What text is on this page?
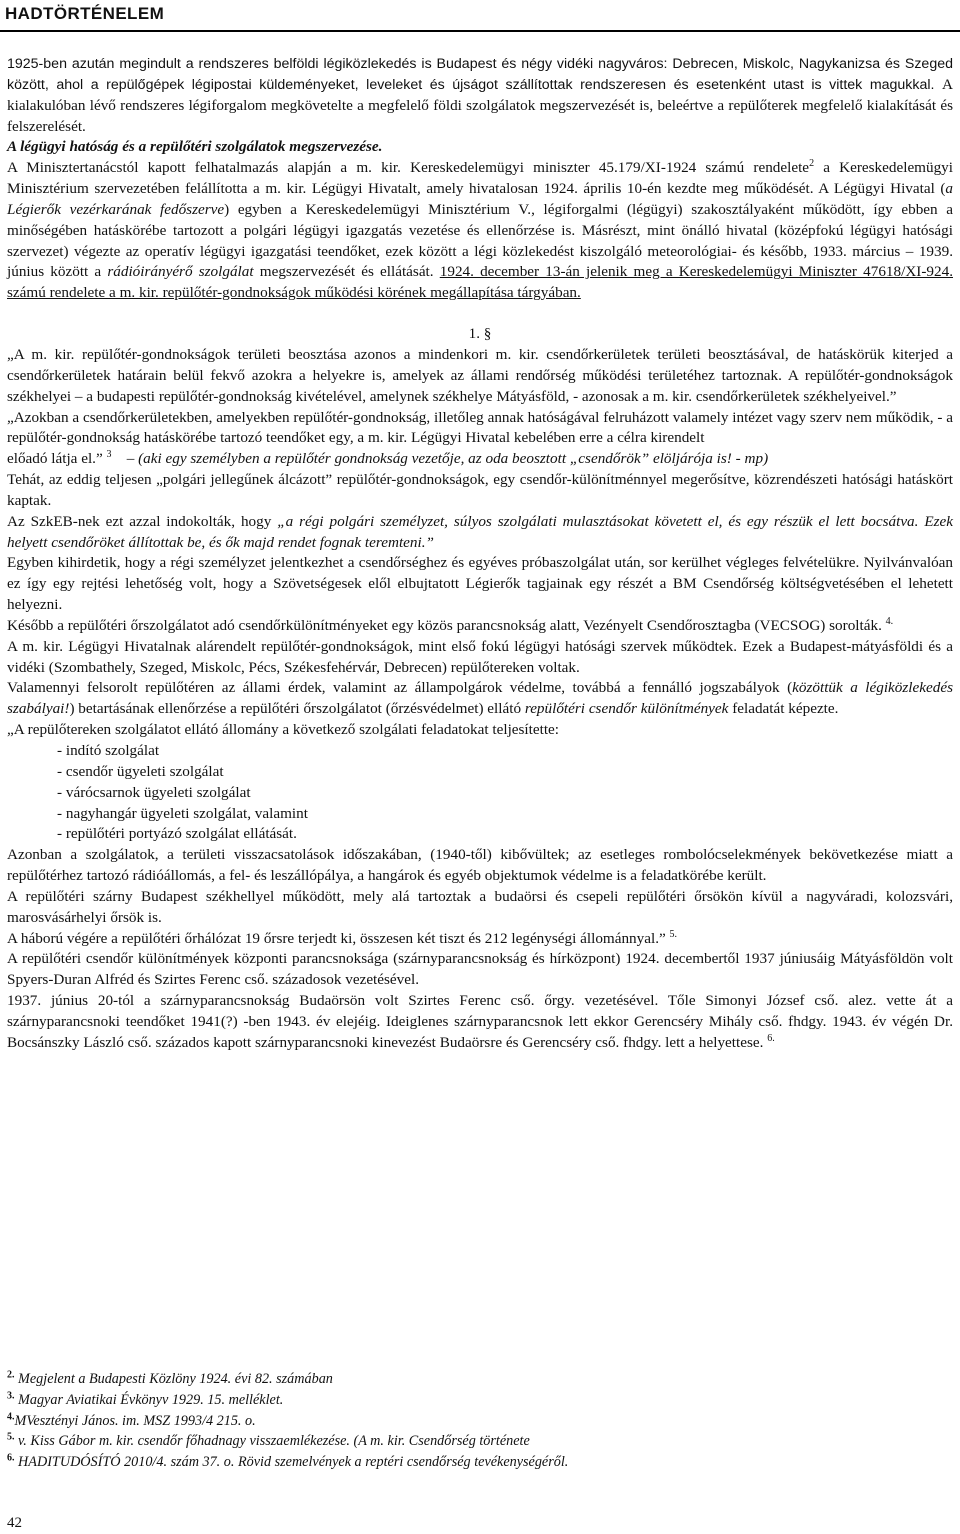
HADTÖRTÉNELEM

1925-ben azután megindult a rendszeres belföldi légiközlekedés is Budapest és négy vidéki nagyváros: Debrecen, Miskolc, Nagykanizsa és Szeged között, ahol a repülőgépek légipostai küldeményeket, leveleket és újságot szállítottak rendszeresen és esetenként utast is vittek magukkal. A kialakulóban lévő rendszeres légiforgalom megkövetelte a megfelelő földi szolgálatok megszervezését is, beleértve a repülőterek megfelelő kialakítását és felszerelését.

A légügyi hatóság és a repülőtéri szolgálatok megszervezése.

A Minisztertanácstól kapott felhatalmazás alapján a m. kir. Kereskedelemügyi miniszter 45.179/XI-1924 számú rendelete$^2$ a Kereskedelemügyi Minisztérium szervezetében felállította a m. kir. Légügyi Hivatalt, amely hivatalosan 1924. április 10-én kezdte meg működését. A Légügyi Hivatal (a Légierők vezérkarának fedőszerve) egyben a Kereskedelemügyi Minisztérium V., légiforgalmi (légügyi) szakosztályaként működött, így ebben a minőségében hatáskörébe tartozott a polgári légügyi igazgatás vezetése és ellenőrzése is. Másrészt, mint önálló hivatal (középfokú légügyi hatósági szervezet) végezte az operatív légügyi igazgatási teendőket, ezek között a légi közlekedést kiszolgáló meteorológiai- és később, 1933. március – 1939. június között a rádióirányérő szolgálat megszervezését és ellátását. 1924. december 13-án jelenik meg a Kereskedelemügyi Miniszter 47618/XI-924. számú rendelete a m. kir. repülőtér-gondnokságok működési körének megállapítása tárgyában.

1. §

„A m. kir. repülőtér-gondnokságok területi beosztása azonos a mindenkori m. kir. csendőrkerületek területi beosztásával, de hatáskörük kiterjed a csendőrkerületek határain belül fekvő azokra a helyekre is, amelyek az állami rendőrség működési területéhez tartoznak. A repülőtér-gondnokságok székhelyei – a budapesti repülőtér-gondnokság kivételével, amelynek székhelye Mátyásföld, - azonosak a m. kir. csendőrkerületek székhelyeivel.”

„Azokban a csendőrkerületekben, amelyekben repülőtér-gondnokság, illetőleg annak hatóságával felruházott valamely intézet vagy szerv nem működik, - a repülőtér-gondnokság hatáskörébe tartozó teendőket egy, a m. kir. Légügyi Hivatal kebelében erre a célra kirendelt

előadó látja el.” $^3$    – (aki egy személyben a repülőtér gondnokság vezetője, az oda beosztott „csendőrök” elöljárója is! - mp)

Tehát, az eddig teljesen „polgári jellegűnek álcázott” repülőtér-gondnokságok, egy csendőr-különítménnyel megerősítve, közrendészeti hatósági hatáskört kaptak.

Az SzkEB-nek ezt azzal indokolták, hogy „a régi polgári személyzet, súlyos szolgálati mulasztásokat követett el, és egy részük el lett bocsátva. Ezek helyett csendőröket állítottak be, és ők majd rendet fognak teremteni.”

Egyben kihirdetik, hogy a régi személyzet jelentkezhet a csendőrséghez és egyéves próbaszolgálat után, sor kerülhet végleges felvételükre. Nyilvánvalóan ez így egy rejtési lehetőség volt, hogy a Szövetségesek elől elbujtatott Légierők tagjainak egy részét a BM Csendőrség költségvetésében el lehetett helyezni.

Később a repülőtéri őrszolgálatot adó csendőrkülönítményeket egy közös parancsnokság alatt, Vezényelt Csendőrosztagba (VECSOG) sorolták. $^{4.}$

A m. kir. Légügyi Hivatalnak alárendelt repülőtér-gondnokságok, mint első fokú légügyi hatósági szervek működtek. Ezek a Budapest-mátyásföldi és a vidéki (Szombathely, Szeged, Miskolc, Pécs, Székesfehérvár, Debrecen) repülőtereken voltak.

Valamennyi felsorolt repülőtéren az állami érdek, valamint az állampolgárok védelme, továbbá a fennálló jogszabályok (közöttük a légiközlekedés szabályai!) betartásának ellenőrzése a repülőtéri őrszolgálatot (őrzésvédelmet) ellátó repülőtéri csendőr különítmények feladatát képezte.

„A repülőtereken szolgálatot ellátó állomány a következő szolgálati feladatokat teljesítette:

- indító szolgálat
- csendőr ügyeleti szolgálat
- várócsarnok ügyeleti szolgálat
- nagyhangár ügyeleti szolgálat, valamint
- repülőtéri portyázó szolgálat ellátását.

Azonban a szolgálatok, a területi visszacsatolások időszakában, (1940-től) kibővültek; az esetleges rombolócselekmények bekövetkezése miatt a repülőtérhez tartozó rádióállomás, a fel- és leszállópálya, a hangárok és egyéb objektumok védelme is a feladatkörébe került.

A repülőtéri szárny Budapest székhellyel működött, mely alá tartoztak a budaörsi és csepeli repülőtéri őrsökön kívül a nagyváradi, kolozsvári, marosvásárhelyi őrsök is.

A háború végére a repülőtéri őrhálózat 19 őrsre terjedt ki, összesen két tiszt és 212 legénységi állománnyal.” $^{5.}$

A repülőtéri csendőr különítmények központi parancsnoksága (szárnyparancsnokság és hírközpont) 1924. decembertől 1937 júniusáig Mátyásföldön volt Spyers-Duran Alfréd és Szirtes Ferenc cső. századosok vezetésével.

1937. június 20-tól a szárnyparancsnokság Budaörsön volt Szirtes Ferenc cső. őrgy. vezetésével. Tőle Simonyi József cső. alez. vette át a szárnyparancsnoki teendőket 1941(?) -ben 1943. év elejéig. Ideiglenes szárnyparancsnok lett ekkor Gerencséry Mihály cső. fhdgy. 1943. év végén Dr. Bocsánszky László cső. százados kapott szárnyparancsnoki kinevezést Budaörsre és Gerencséry cső. fhdgy. lett a helyettese. $^{6.}$

$^{2.}$ Megjelent a Budapesti Közlöny 1924. évi 82. számában
$^{3.}$ Magyar Aviatikai Évkönyv 1929. 15. melléklet.
$^{4.}$MVesztényi János. im. MSZ 1993/4 215. o.
$^{5.}$ v. Kiss Gábor m. kir. csendőr főhadnagy visszaemlékezése. (A m. kir. Csendőrség története
$^{6.}$ HADITUDÓSÍTÓ 2010/4. szám 37. o. Rövid szemelvények a reptéri csendőrség tevékenységéről.
42
